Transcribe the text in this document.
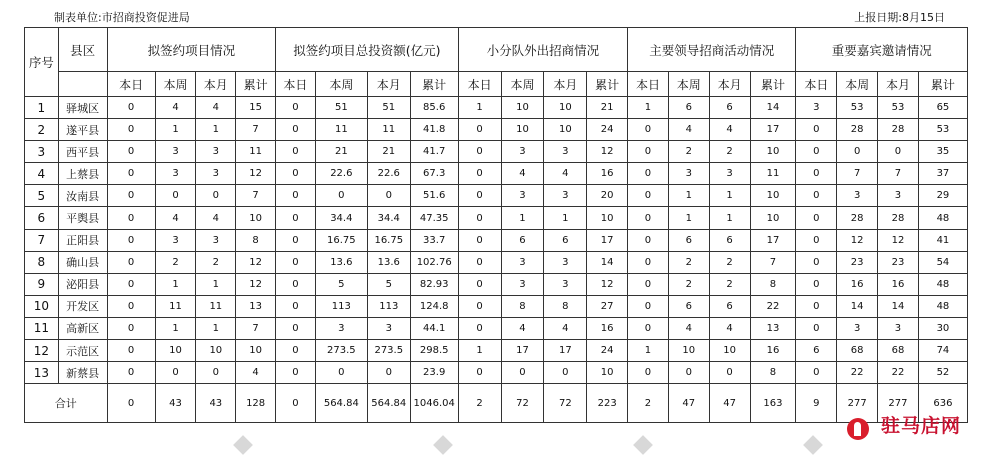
制表单位:市招商投资促进局	上报日期:8月15日
序号	县区	拟签约项目情况				拟签约项目总投资额(亿元)				小分队外出招商情况				主要领导招商活动情况				重要嘉宾邀请情况			
		本日	本周	本月	累计	本日	本周	本月	累计	本日	本周	本月	累计	本日	本周	本月	累计	本日	本周	本月	累计
1	驿城区	0	4	4	15	0	51	51	85.6	1	10	10	21	1	6	6	14	3	53	53	65
2	遂平县	0	1	1	7	0	11	11	41.8	0	10	10	24	0	4	4	17	0	28	28	53
3	西平县	0	3	3	11	0	21	21	41.7	0	3	3	12	0	2	2	10	0	0	0	35
4	上蔡县	0	3	3	12	0	22.6	22.6	67.3	0	4	4	16	0	3	3	11	0	7	7	37
5	汝南县	0	0	0	7	0	0	0	51.6	0	3	3	20	0	1	1	10	0	3	3	29
6	平舆县	0	4	4	10	0	34.4	34.4	47.35	0	1	1	10	0	1	1	10	0	28	28	48
7	正阳县	0	3	3	8	0	16.75	16.75	33.7	0	6	6	17	0	6	6	17	0	12	12	41
8	确山县	0	2	2	12	0	13.6	13.6	102.76	0	3	3	14	0	2	2	7	0	23	23	54
9	泌阳县	0	1	1	12	0	5	5	82.93	0	3	3	12	0	2	2	8	0	16	16	48
10	开发区	0	11	11	13	0	113	113	124.8	0	8	8	27	0	6	6	22	0	14	14	48
11	高新区	0	1	1	7	0	3	3	44.1	0	4	4	16	0	4	4	13	0	3	3	30
12	示范区	0	10	10	10	0	273.5	273.5	298.5	1	17	17	24	1	10	10	16	6	68	68	74
13	新蔡县	0	0	0	4	0	0	0	23.9	0	0	0	10	0	0	0	8	0	22	22	52
合计		0	43	43	128	0	564.84	564.84	1046.04	2	72	72	223	2	47	47	163	9	277	277	636
驻马店网
